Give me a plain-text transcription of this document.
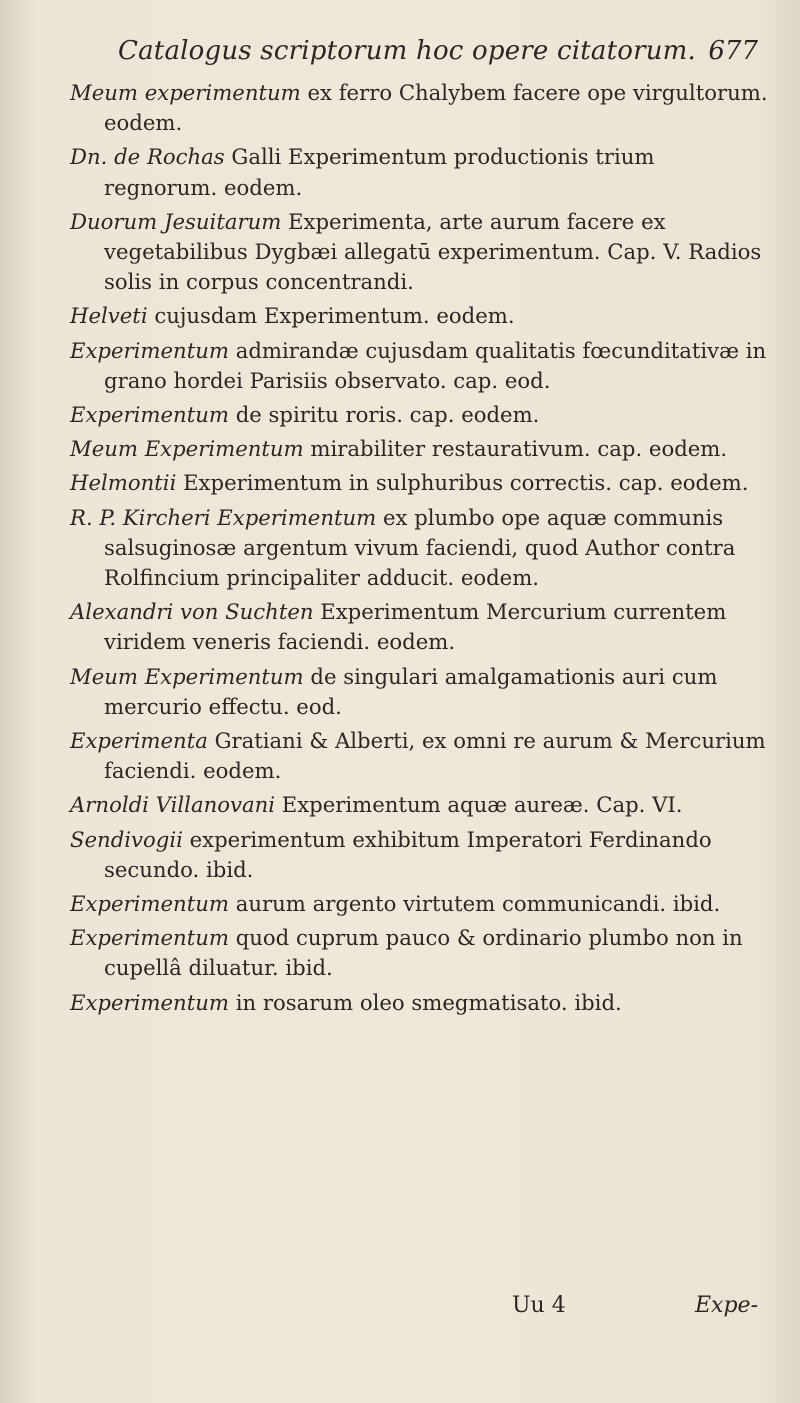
Catalogus scriptorum hoc opere citatorum. 677

Meum experimentum ex ferro Chalybem facere ope virgultorum. eodem.

Dn. de Rochas Galli Experimentum productionis trium regnorum. eodem.

Duorum Jesuitarum Experimenta, arte aurum facere ex vegetabilibus Dygbæi allegatū experimentum. Cap. V. Radios solis in corpus concentrandi.

Helveti cujusdam Experimentum. eodem.

Experimentum admirandæ cujusdam qualitatis fœcunditativæ in grano hordei Parisiis observato. cap. eod.

Experimentum de spiritu roris. cap. eodem.

Meum Experimentum mirabiliter restaurativum. cap. eodem.

Helmontii Experimentum in sulphuribus correctis. cap. eodem.

R. P. Kircheri Experimentum ex plumbo ope aquæ communis salsuginosæ argentum vivum faciendi, quod Author contra Rolfincium principaliter adducit. eodem.

Alexandri von Suchten Experimentum Mercurium currentem viridem veneris faciendi. eodem.

Meum Experimentum de singulari amalgamationis auri cum mercurio effectu. eod.

Experimenta Gratiani & Alberti, ex omni re aurum & Mercurium faciendi. eodem.

Arnoldi Villanovani Experimentum aquæ aureæ. Cap. VI.

Sendivogii experimentum exhibitum Imperatori Ferdinando secundo. ibid.

Experimentum aurum argento virtutem communicandi. ibid.

Experimentum quod cuprum pauco & ordinario plumbo non in cupellâ diluatur. ibid.

Experimentum in rosarum oleo smegmatisato. ibid.

Uu 4	Expe-
